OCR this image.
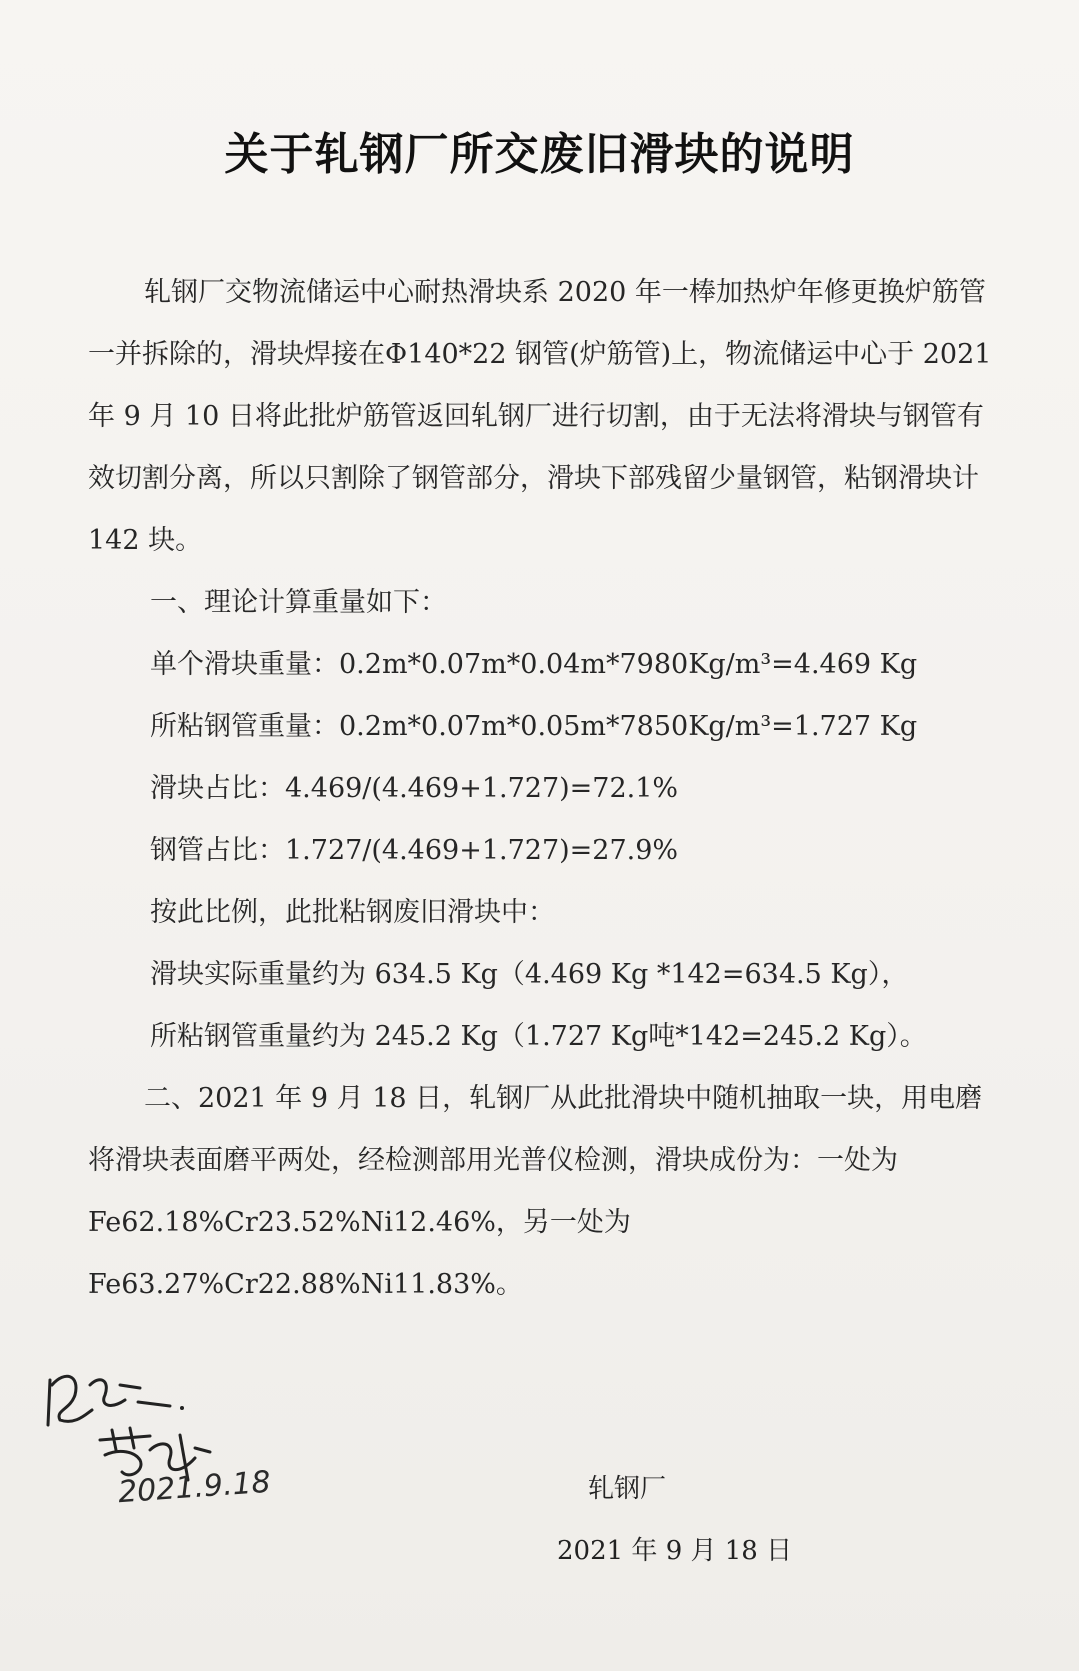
关于轧钢厂所交废旧滑块的说明

轧钢厂交物流储运中心耐热滑块系 2020 年一棒加热炉年修更换炉筋管一并拆除的，滑块焊接在Φ140*22 钢管(炉筋管)上，物流储运中心于 2021 年 9 月 10 日将此批炉筋管返回轧钢厂进行切割，由于无法将滑块与钢管有效切割分离，所以只割除了钢管部分，滑块下部残留少量钢管，粘钢滑块计 142 块。

一、理论计算重量如下：

单个滑块重量：0.2m*0.07m*0.04m*7980Kg/m³=4.469 Kg

所粘钢管重量：0.2m*0.07m*0.05m*7850Kg/m³=1.727 Kg

滑块占比：4.469/(4.469+1.727)=72.1%

钢管占比：1.727/(4.469+1.727)=27.9%

按此比例，此批粘钢废旧滑块中：

滑块实际重量约为 634.5 Kg（4.469 Kg *142=634.5 Kg），

所粘钢管重量约为 245.2 Kg（1.727 Kg吨*142=245.2 Kg）。

二、2021 年 9 月 18 日，轧钢厂从此批滑块中随机抽取一块，用电磨将滑块表面磨平两处，经检测部用光普仪检测，滑块成份为：一处为 Fe62.18%Cr23.52%Ni12.46%，另一处为Fe63.27%Cr22.88%Ni11.83%。

2021.9.18	轧钢厂
2021 年 9 月 18 日
